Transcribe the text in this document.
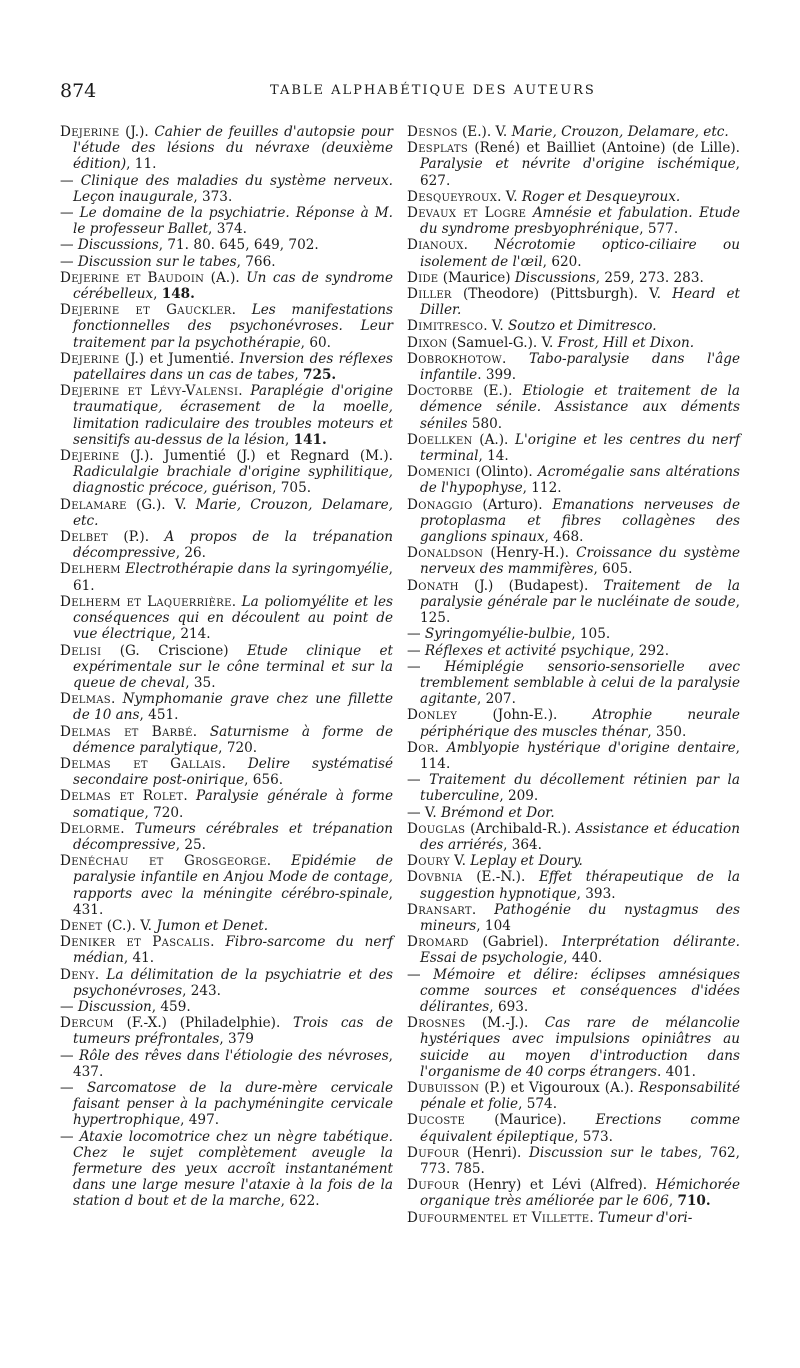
874	TABLE ALPHABÉTIQUE DES AUTEURS

Dejerine (J.). Cahier de feuilles d'autopsie pour l'étude des lésions du névraxe (deuxième édition), 11.

— Clinique des maladies du système nerveux. Leçon inaugurale, 373.

— Le domaine de la psychiatrie. Réponse à M. le professeur Ballet, 374.

— Discussions, 71. 80. 645, 649, 702.

— Discussion sur le tabes, 766.

Dejerine et Baudoin (A.). Un cas de syndrome cérébelleux, 148.

Dejerine et Gauckler. Les manifestations fonctionnelles des psychonévroses. Leur traitement par la psychothérapie, 60.

Dejerine (J.) et Jumentié. Inversion des réflexes patellaires dans un cas de tabes, 725.

Dejerine et Lévy-Valensi. Paraplégie d'origine traumatique, écrasement de la moelle, limitation radiculaire des troubles moteurs et sensitifs au-dessus de la lésion, 141.

Dejerine (J.). Jumentié (J.) et Regnard (M.). Radiculalgie brachiale d'origine syphilitique, diagnostic précoce, guérison, 705.

Delamare (G.). V. Marie, Crouzon, Delamare, etc.

Delbet (P.). A propos de la trépanation décompressive, 26.

Delherm Electrothérapie dans la syringomyélie, 61.

Delherm et Laquerrière. La poliomyélite et les conséquences qui en découlent au point de vue électrique, 214.

Delisi (G. Criscione) Etude clinique et expérimentale sur le cône terminal et sur la queue de cheval, 35.

Delmas. Nymphomanie grave chez une fillette de 10 ans, 451.

Delmas et Barbé. Saturnisme à forme de démence paralytique, 720.

Delmas et Gallais. Delire systématisé secondaire post-onirique, 656.

Delmas et Rolet. Paralysie générale à forme somatique, 720.

Delorme. Tumeurs cérébrales et trépanation décompressive, 25.

Denéchau et Grosgeorge. Epidémie de paralysie infantile en Anjou Mode de contage, rapports avec la méningite cérébro-spinale, 431.

Denet (C.). V. Jumon et Denet.

Deniker et Pascalis. Fibro-sarcome du nerf médian, 41.

Deny. La délimitation de la psychiatrie et des psychonévroses, 243.

— Discussion, 459.

Dercum (F.-X.) (Philadelphie). Trois cas de tumeurs préfrontales, 379

— Rôle des rêves dans l'étiologie des névroses, 437.

— Sarcomatose de la dure-mère cervicale faisant penser à la pachyméningite cervicale hypertrophique, 497.

— Ataxie locomotrice chez un nègre tabétique. Chez le sujet complètement aveugle la fermeture des yeux accroît instantanément dans une large mesure l'ataxie à la fois de la station d bout et de la marche, 622.

Desnos (E.). V. Marie, Crouzon, Delamare, etc.

Desplats (René) et Bailliet (Antoine) (de Lille). Paralysie et névrite d'origine ischémique, 627.

Desqueyroux. V. Roger et Desqueyroux.

Devaux et Logre Amnésie et fabulation. Etude du syndrome presbyophrénique, 577.

Dianoux. Nécrotomie optico-ciliaire ou isolement de l'œil, 620.

Dide (Maurice) Discussions, 259, 273. 283.

Diller (Theodore) (Pittsburgh). V. Heard et Diller.

Dimitresco. V. Soutzo et Dimitresco.

Dixon (Samuel-G.). V. Frost, Hill et Dixon.

Dobrokhotow. Tabo-paralysie dans l'âge infantile. 399.

Doctorbe (E.). Etiologie et traitement de la démence sénile. Assistance aux déments séniles 580.

Doellken (A.). L'origine et les centres du nerf terminal, 14.

Domenici (Olinto). Acromégalie sans altérations de l'hypophyse, 112.

Donaggio (Arturo). Emanations nerveuses de protoplasma et fibres collagènes des ganglions spinaux, 468.

Donaldson (Henry-H.). Croissance du système nerveux des mammifères, 605.

Donath (J.) (Budapest). Traitement de la paralysie générale par le nucléinate de soude, 125.

— Syringomyélie-bulbie, 105.

— Réflexes et activité psychique, 292.

— Hémiplégie sensorio-sensorielle avec tremblement semblable à celui de la paralysie agitante, 207.

Donley (John-E.). Atrophie neurale périphérique des muscles thénar, 350.

Dor. Amblyopie hystérique d'origine dentaire, 114.

— Traitement du décollement rétinien par la tuberculine, 209.

— V. Brémond et Dor.

Douglas (Archibald-R.). Assistance et éducation des arriérés, 364.

Doury V. Leplay et Doury.

Dovbnia (E.-N.). Effet thérapeutique de la suggestion hypnotique, 393.

Dransart. Pathogénie du nystagmus des mineurs, 104

Dromard (Gabriel). Interprétation délirante. Essai de psychologie, 440.

— Mémoire et délire: éclipses amnésiques comme sources et conséquences d'idées délirantes, 693.

Drosnes (M.-J.). Cas rare de mélancolie hystériques avec impulsions opiniâtres au suicide au moyen d'introduction dans l'organisme de 40 corps étrangers. 401.

Dubuisson (P.) et Vigouroux (A.). Responsabilité pénale et folie, 574.

Ducoste (Maurice). Erections comme équivalent épileptique, 573.

Dufour (Henri). Discussion sur le tabes, 762, 773. 785.

Dufour (Henry) et Lévi (Alfred). Hémichorée organique très améliorée par le 606, 710.

Dufourmentel et Villette. Tumeur d'ori-
